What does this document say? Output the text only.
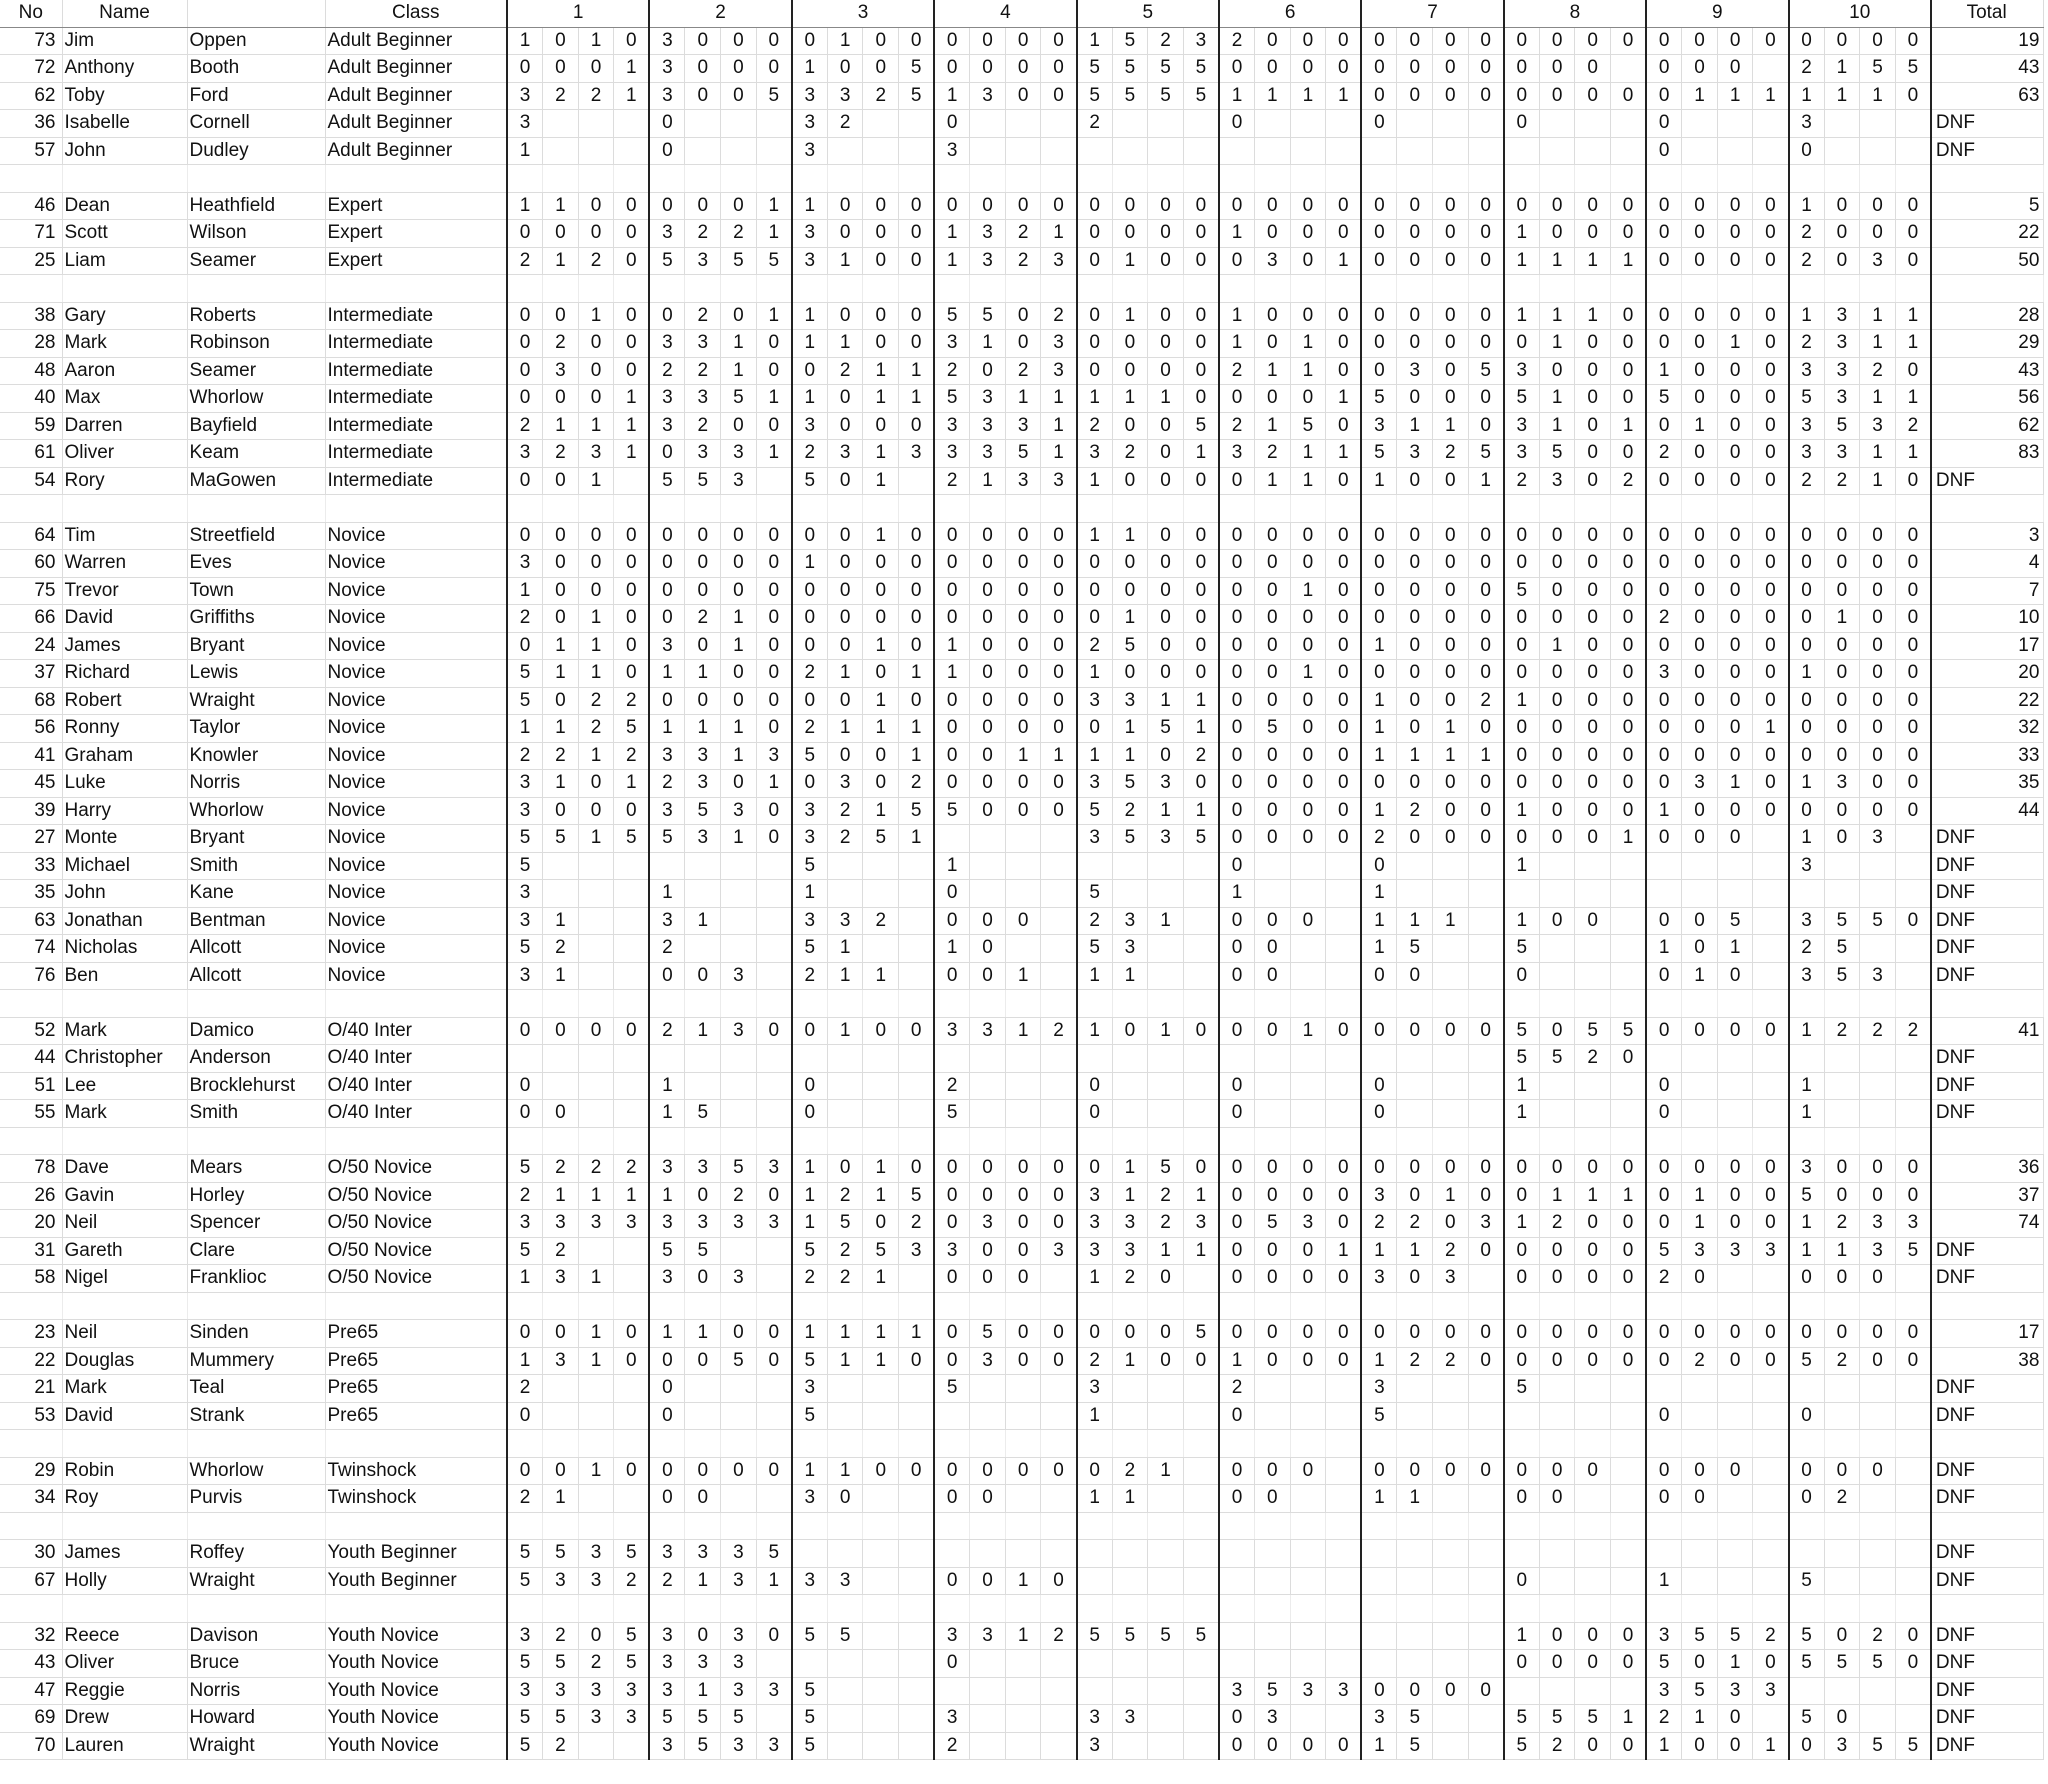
No	Name		Class	1				2				3				4				5				6				7				8				9				10				Total
73	Jim	Oppen	Adult Beginner	1	0	1	0	3	0	0	0	0	1	0	0	0	0	0	0	1	5	2	3	2	0	0	0	0	0	0	0	0	0	0	0	0	0	0	0	0	0	0	0	19
72	Anthony	Booth	Adult Beginner	0	0	0	1	3	0	0	0	1	0	0	5	0	0	0	0	5	5	5	5	0	0	0	0	0	0	0	0	0	0	0		0	0	0		2	1	5	5	43
62	Toby	Ford	Adult Beginner	3	2	2	1	3	0	0	5	3	3	2	5	1	3	0	0	5	5	5	5	1	1	1	1	0	0	0	0	0	0	0	0	0	1	1	1	1	1	1	0	63
36	Isabelle	Cornell	Adult Beginner	3				0				3	2			0				2				0				0				0				0				3				DNF
57	John	Dudley	Adult Beginner	1				0				3				3																				0				0				DNF

46	Dean	Heathfield	Expert	1	1	0	0	0	0	0	1	1	0	0	0	0	0	0	0	0	0	0	0	0	0	0	0	0	0	0	0	0	0	0	0	0	0	0	0	1	0	0	0	5
71	Scott	Wilson	Expert	0	0	0	0	3	2	2	1	3	0	0	0	1	3	2	1	0	0	0	0	1	0	0	0	0	0	0	0	1	0	0	0	0	0	0	0	2	0	0	0	22
25	Liam	Seamer	Expert	2	1	2	0	5	3	5	5	3	1	0	0	1	3	2	3	0	1	0	0	0	3	0	1	0	0	0	0	1	1	1	1	0	0	0	0	2	0	3	0	50

38	Gary	Roberts	Intermediate	0	0	1	0	0	2	0	1	1	0	0	0	5	5	0	2	0	1	0	0	1	0	0	0	0	0	0	0	1	1	1	0	0	0	0	0	1	3	1	1	28
28	Mark	Robinson	Intermediate	0	2	0	0	3	3	1	0	1	1	0	0	3	1	0	3	0	0	0	0	1	0	1	0	0	0	0	0	0	1	0	0	0	0	1	0	2	3	1	1	29
48	Aaron	Seamer	Intermediate	0	3	0	0	2	2	1	0	0	2	1	1	2	0	2	3	0	0	0	0	2	1	1	0	0	3	0	5	3	0	0	0	1	0	0	0	3	3	2	0	43
40	Max	Whorlow	Intermediate	0	0	0	1	3	3	5	1	1	0	1	1	5	3	1	1	1	1	1	0	0	0	0	1	5	0	0	0	5	1	0	0	5	0	0	0	5	3	1	1	56
59	Darren	Bayfield	Intermediate	2	1	1	1	3	2	0	0	3	0	0	0	3	3	3	1	2	0	0	5	2	1	5	0	3	1	1	0	3	1	0	1	0	1	0	0	3	5	3	2	62
61	Oliver	Keam	Intermediate	3	2	3	1	0	3	3	1	2	3	1	3	3	3	5	1	3	2	0	1	3	2	1	1	5	3	2	5	3	5	0	0	2	0	0	0	3	3	1	1	83
54	Rory	MaGowen	Intermediate	0	0	1		5	5	3		5	0	1		2	1	3	3	1	0	0	0	0	1	1	0	1	0	0	1	2	3	0	2	0	0	0	0	2	2	1	0	DNF

64	Tim	Streetfield	Novice	0	0	0	0	0	0	0	0	0	0	1	0	0	0	0	0	1	1	0	0	0	0	0	0	0	0	0	0	0	0	0	0	0	0	0	0	0	0	0	0	3
60	Warren	Eves	Novice	3	0	0	0	0	0	0	0	1	0	0	0	0	0	0	0	0	0	0	0	0	0	0	0	0	0	0	0	0	0	0	0	0	0	0	0	0	0	0	0	4
75	Trevor	Town	Novice	1	0	0	0	0	0	0	0	0	0	0	0	0	0	0	0	0	0	0	0	0	0	1	0	0	0	0	0	5	0	0	0	0	0	0	0	0	0	0	0	7
66	David	Griffiths	Novice	2	0	1	0	0	2	1	0	0	0	0	0	0	0	0	0	0	1	0	0	0	0	0	0	0	0	0	0	0	0	0	0	2	0	0	0	0	1	0	0	10
24	James	Bryant	Novice	0	1	1	0	3	0	1	0	0	0	1	0	1	0	0	0	2	5	0	0	0	0	0	0	1	0	0	0	0	1	0	0	0	0	0	0	0	0	0	0	17
37	Richard	Lewis	Novice	5	1	1	0	1	1	0	0	2	1	0	1	1	0	0	0	1	0	0	0	0	0	1	0	0	0	0	0	0	0	0	0	3	0	0	0	1	0	0	0	20
68	Robert	Wraight	Novice	5	0	2	2	0	0	0	0	0	0	1	0	0	0	0	0	3	3	1	1	0	0	0	0	1	0	0	2	1	0	0	0	0	0	0	0	0	0	0	0	22
56	Ronny	Taylor	Novice	1	1	2	5	1	1	1	0	2	1	1	1	0	0	0	0	0	1	5	1	0	5	0	0	1	0	1	0	0	0	0	0	0	0	0	1	0	0	0	0	32
41	Graham	Knowler	Novice	2	2	1	2	3	3	1	3	5	0	0	1	0	0	1	1	1	1	0	2	0	0	0	0	1	1	1	1	0	0	0	0	0	0	0	0	0	0	0	0	33
45	Luke	Norris	Novice	3	1	0	1	2	3	0	1	0	3	0	2	0	0	0	0	3	5	3	0	0	0	0	0	0	0	0	0	0	0	0	0	0	3	1	0	1	3	0	0	35
39	Harry	Whorlow	Novice	3	0	0	0	3	5	3	0	3	2	1	5	5	0	0	0	5	2	1	1	0	0	0	0	1	2	0	0	1	0	0	0	1	0	0	0	0	0	0	0	44
27	Monte	Bryant	Novice	5	5	1	5	5	3	1	0	3	2	5	1					3	5	3	5	0	0	0	0	2	0	0	0	0	0	0	1	0	0	0		1	0	3		DNF
33	Michael	Smith	Novice	5								5				1								0				0				1								3				DNF
35	John	Kane	Novice	3				1				1				0				5				1				1																DNF
63	Jonathan	Bentman	Novice	3	1			3	1			3	3	2		0	0	0		2	3	1		0	0	0		1	1	1		1	0	0		0	0	5		3	5	5	0	DNF
74	Nicholas	Allcott	Novice	5	2			2				5	1			1	0			5	3			0	0			1	5			5				1	0	1		2	5			DNF
76	Ben	Allcott	Novice	3	1			0	0	3		2	1	1		0	0	1		1	1			0	0			0	0			0				0	1	0		3	5	3		DNF

52	Mark	Damico	O/40 Inter	0	0	0	0	2	1	3	0	0	1	0	0	3	3	1	2	1	0	1	0	0	0	1	0	0	0	0	0	5	0	5	5	0	0	0	0	1	2	2	2	41
44	Christopher	Anderson	O/40 Inter																													5	5	2	0									DNF
51	Lee	Brocklehurst	O/40 Inter	0				1				0				2				0				0				0				1				0				1				DNF
55	Mark	Smith	O/40 Inter	0	0			1	5			0				5				0				0				0				1				0				1				DNF

78	Dave	Mears	O/50 Novice	5	2	2	2	3	3	5	3	1	0	1	0	0	0	0	0	0	1	5	0	0	0	0	0	0	0	0	0	0	0	0	0	0	0	0	0	3	0	0	0	36
26	Gavin	Horley	O/50 Novice	2	1	1	1	1	0	2	0	1	2	1	5	0	0	0	0	3	1	2	1	0	0	0	0	3	0	1	0	0	1	1	1	0	1	0	0	5	0	0	0	37
20	Neil	Spencer	O/50 Novice	3	3	3	3	3	3	3	3	1	5	0	2	0	3	0	0	3	3	2	3	0	5	3	0	2	2	0	3	1	2	0	0	0	1	0	0	1	2	3	3	74
31	Gareth	Clare	O/50 Novice	5	2			5	5			5	2	5	3	3	0	0	3	3	3	1	1	0	0	0	1	1	1	2	0	0	0	0	0	5	3	3	3	1	1	3	5	DNF
58	Nigel	Franklioc	O/50 Novice	1	3	1		3	0	3		2	2	1		0	0	0		1	2	0		0	0	0	0	3	0	3		0	0	0	0	2	0			0	0	0		DNF

23	Neil	Sinden	Pre65	0	0	1	0	1	1	0	0	1	1	1	1	0	5	0	0	0	0	0	5	0	0	0	0	0	0	0	0	0	0	0	0	0	0	0	0	0	0	0	0	17
22	Douglas	Mummery	Pre65	1	3	1	0	0	0	5	0	5	1	1	0	0	3	0	0	2	1	0	0	1	0	0	0	1	2	2	0	0	0	0	0	0	2	0	0	5	2	0	0	38
21	Mark	Teal	Pre65	2				0				3				5				3				2				3				5												DNF
53	David	Strank	Pre65	0				0				5								1				0				5								0				0				DNF

29	Robin	Whorlow	Twinshock	0	0	1	0	0	0	0	0	1	1	0	0	0	0	0	0	0	2	1		0	0	0		0	0	0	0	0	0	0		0	0	0		0	0	0		DNF
34	Roy	Purvis	Twinshock	2	1			0	0			3	0			0	0			1	1			0	0			1	1			0	0			0	0			0	2			DNF

30	James	Roffey	Youth Beginner	5	5	3	5	3	3	3	5																																	DNF
67	Holly	Wraight	Youth Beginner	5	3	3	2	2	1	3	1	3	3			0	0	1	0													0				1				5				DNF

32	Reece	Davison	Youth Novice	3	2	0	5	3	0	3	0	5	5			3	3	1	2	5	5	5	5									1	0	0	0	3	5	5	2	5	0	2	0	DNF
43	Oliver	Bruce	Youth Novice	5	5	2	5	3	3	3						0																0	0	0	0	5	0	1	0	5	5	5	0	DNF
47	Reggie	Norris	Youth Novice	3	3	3	3	3	1	3	3	5												3	5	3	3	0	0	0	0					3	5	3	3					DNF
69	Drew	Howard	Youth Novice	5	5	3	3	5	5	5		5				3				3	3			0	3			3	5			5	5	5	1	2	1	0		5	0			DNF
70	Lauren	Wraight	Youth Novice	5	2			3	5	3	3	5				2				3				0	0	0	0	1	5			5	2	0	0	1	0	0	1	0	3	5	5	DNF
